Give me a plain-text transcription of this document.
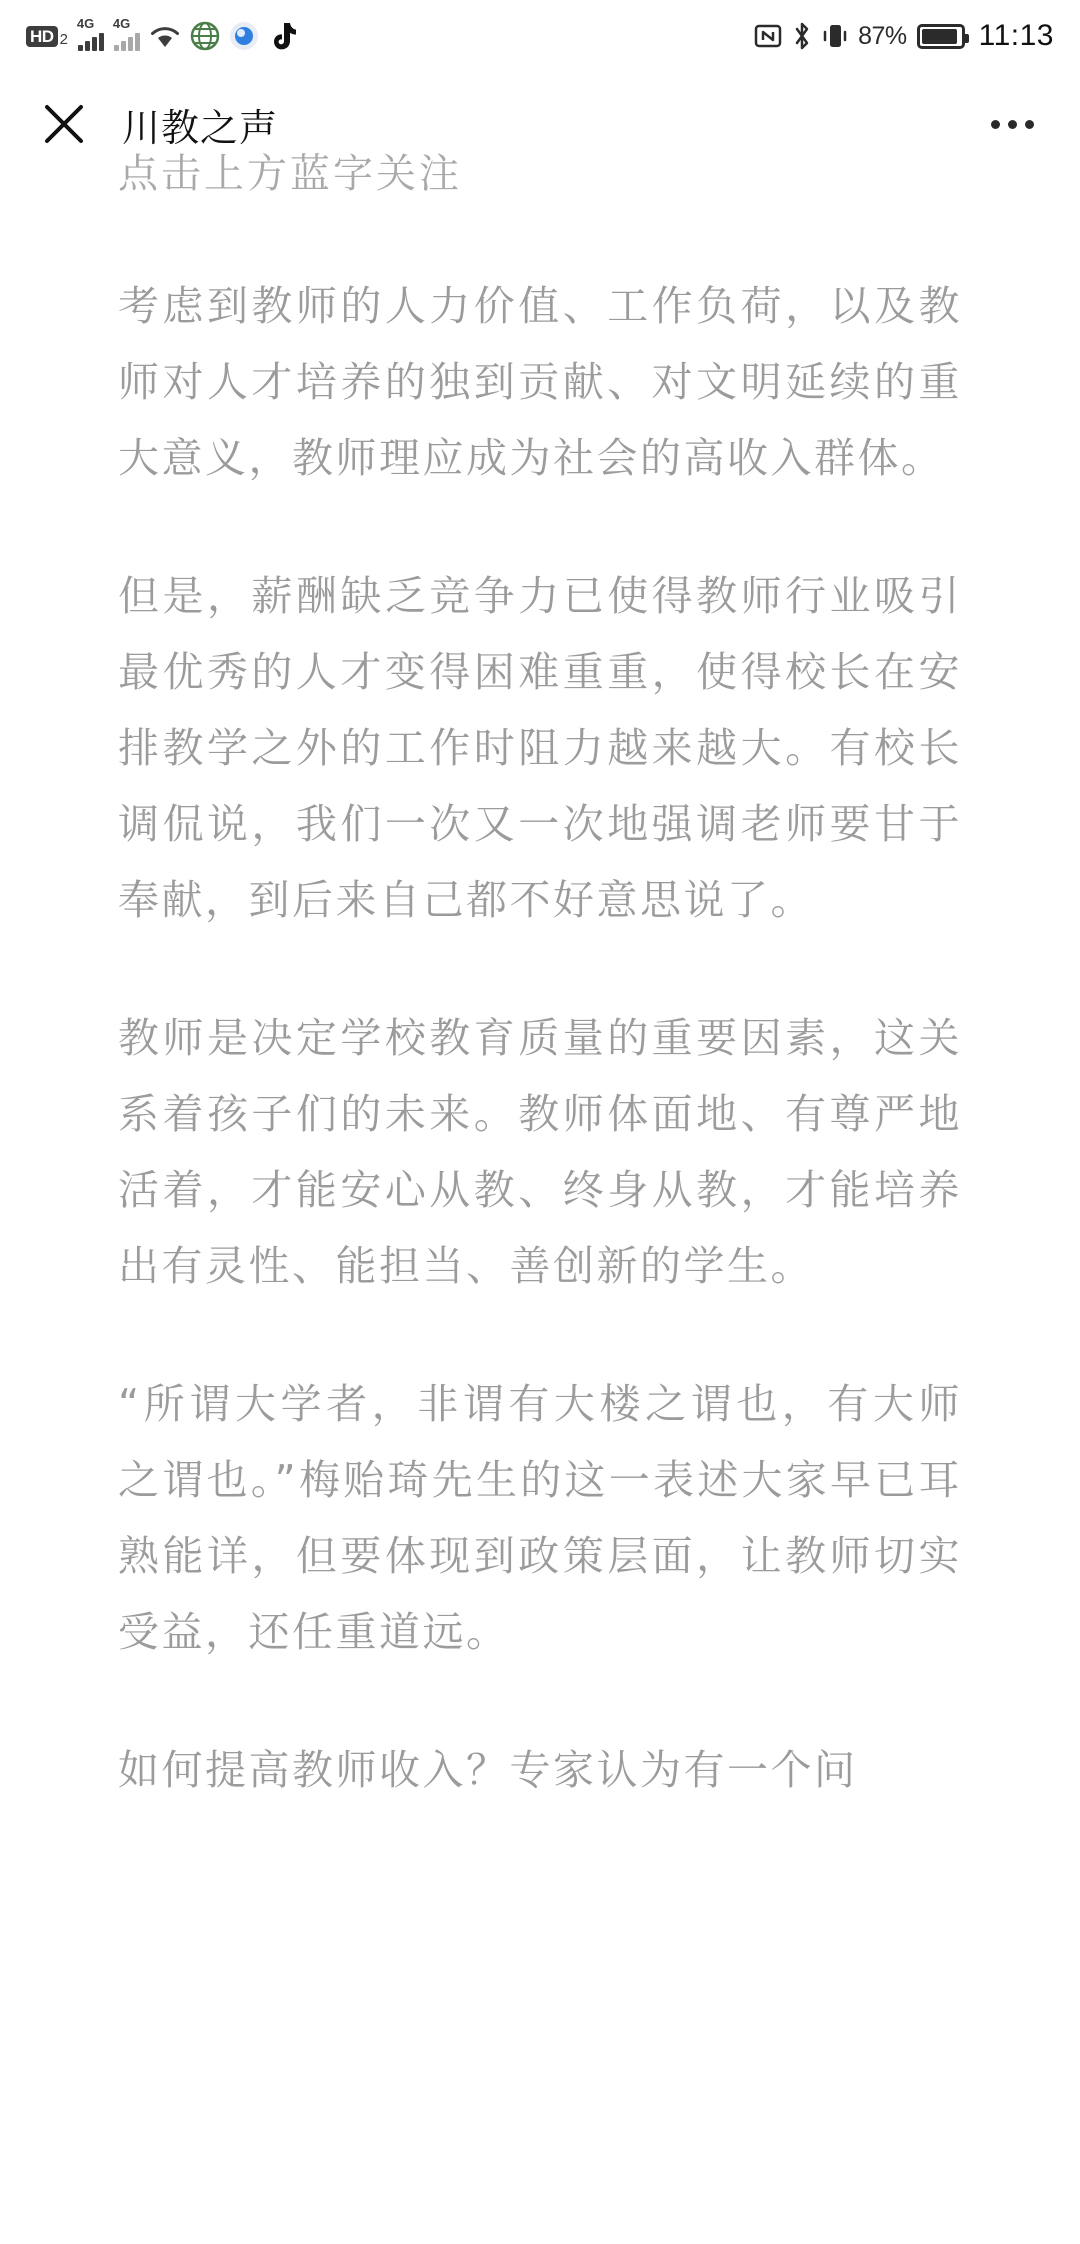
HD 2
4G 4G	87% 11:13
川教之声
点击上方蓝字关注

考虑到教师的人力价值、工作负荷，以及教师对人才培养的独到贡献、对文明延续的重大意义，教师理应成为社会的高收入群体。

但是，薪酬缺乏竞争力已使得教师行业吸引最优秀的人才变得困难重重，使得校长在安排教学之外的工作时阻力越来越大。有校长调侃说，我们一次又一次地强调老师要甘于奉献，到后来自己都不好意思说了。

教师是决定学校教育质量的重要因素，这关系着孩子们的未来。教师体面地、有尊严地活着，才能安心从教、终身从教，才能培养出有灵性、能担当、善创新的学生。

“所谓大学者，非谓有大楼之谓也，有大师之谓也。”梅贻琦先生的这一表述大家早已耳熟能详，但要体现到政策层面，让教师切实受益，还任重道远。

如何提高教师收入？专家认为有一个问
